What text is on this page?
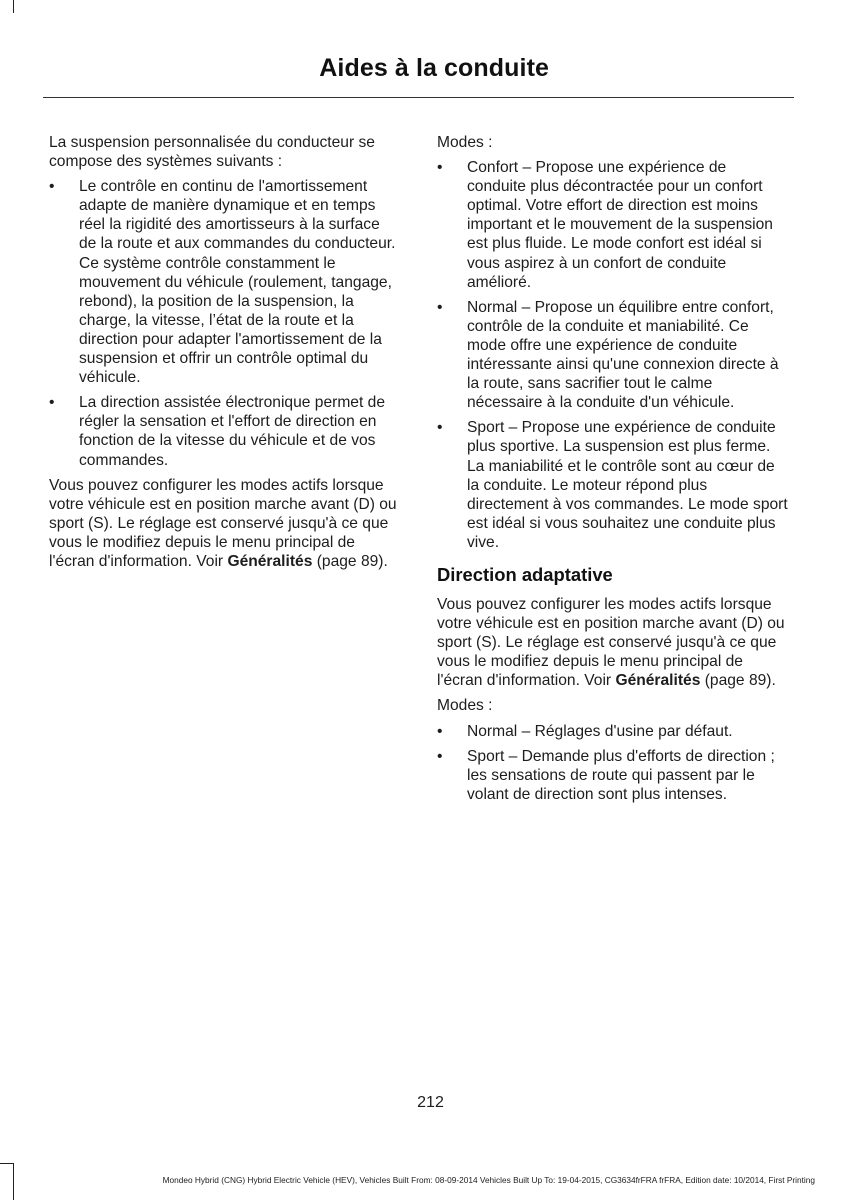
Aides à la conduite

La suspension personnalisée du conducteur se compose des systèmes suivants :

• Le contrôle en continu de l'amortissement adapte de manière dynamique et en temps réel la rigidité des amortisseurs à la surface de la route et aux commandes du conducteur. Ce système contrôle constamment le mouvement du véhicule (roulement, tangage, rebond), la position de la suspension, la charge, la vitesse, l’état de la route et la direction pour adapter l'amortissement de la suspension et offrir un contrôle optimal du véhicule.
• La direction assistée électronique permet de régler la sensation et l'effort de direction en fonction de la vitesse du véhicule et de vos commandes.

Vous pouvez configurer les modes actifs lorsque votre véhicule est en position marche avant (D) ou sport (S). Le réglage est conservé jusqu'à ce que vous le modifiez depuis le menu principal de l'écran d'information. Voir Généralités (page 89).

Modes :

• Confort – Propose une expérience de conduite plus décontractée pour un confort optimal. Votre effort de direction est moins important et le mouvement de la suspension est plus fluide. Le mode confort est idéal si vous aspirez à un confort de conduite amélioré.
• Normal – Propose un équilibre entre confort, contrôle de la conduite et maniabilité. Ce mode offre une expérience de conduite intéressante ainsi qu'une connexion directe à la route, sans sacrifier tout le calme nécessaire à la conduite d'un véhicule.
• Sport – Propose une expérience de conduite plus sportive. La suspension est plus ferme. La maniabilité et le contrôle sont au cœur de la conduite. Le moteur répond plus directement à vos commandes. Le mode sport est idéal si vous souhaitez une conduite plus vive.
Direction adaptative

Vous pouvez configurer les modes actifs lorsque votre véhicule est en position marche avant (D) ou sport (S). Le réglage est conservé jusqu'à ce que vous le modifiez depuis le menu principal de l'écran d'information. Voir Généralités (page 89).

Modes :

• Normal – Réglages d'usine par défaut.
• Sport – Demande plus d'efforts de direction ; les sensations de route qui passent par le volant de direction sont plus intenses.
212
Mondeo Hybrid (CNG) Hybrid Electric Vehicle (HEV), Vehicles Built From: 08-09-2014 Vehicles Built Up To: 19-04-2015, CG3634frFRA frFRA, Edition date: 10/2014, First Printing
